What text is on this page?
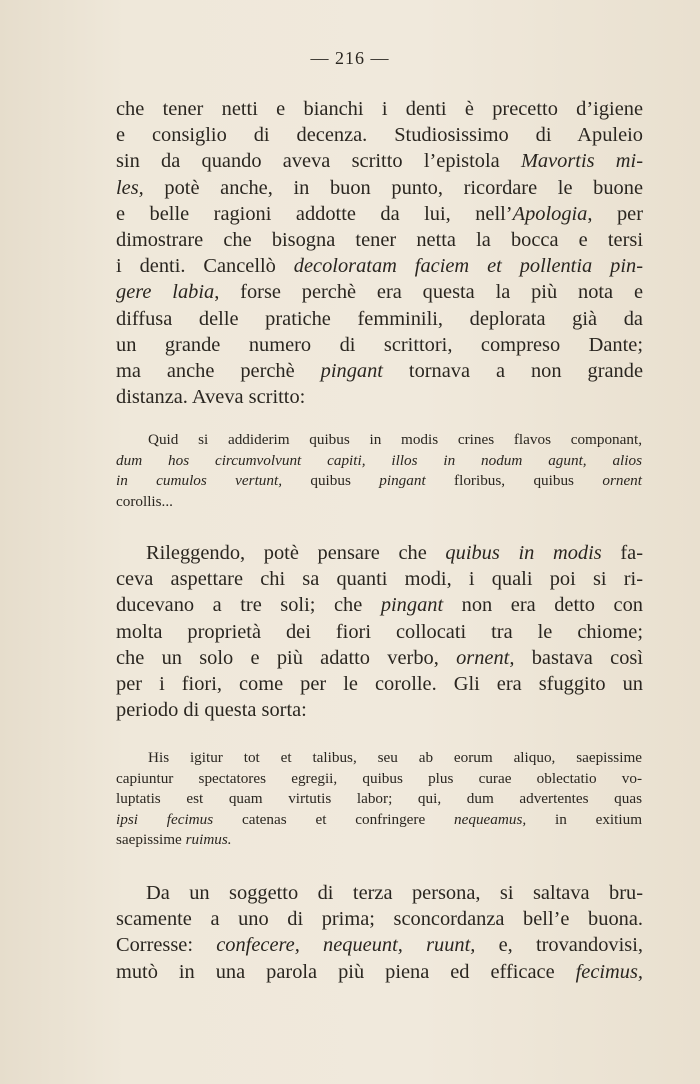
— 216 —
che tener netti e bianchi i denti è precetto d’igiene
e consiglio di decenza. Studiosissimo di Apuleio
sin da quando aveva scritto l’epistola Mavortis mi-
les, potè anche, in buon punto, ricordare le buone
e belle ragioni addotte da lui, nell’Apologia, per
dimostrare che bisogna tener netta la bocca e tersi
i denti. Cancellò decoloratam faciem et pollentia pin-
gere labia, forse perchè era questa la più nota e
diffusa delle pratiche femminili, deplorata già da
un grande numero di scrittori, compreso Dante;
ma anche perchè pingant tornava a non grande
distanza. Aveva scritto:
Quid si addiderim quibus in modis crines flavos componant,
dum hos circumvolvunt capiti, illos in nodum agunt, alios
in cumulos vertunt, quibus pingant floribus, quibus ornent
corollis...
Rileggendo, potè pensare che quibus in modis fa-
ceva aspettare chi sa quanti modi, i quali poi si ri-
ducevano a tre soli; che pingant non era detto con
molta proprietà dei fiori collocati tra le chiome;
che un solo e più adatto verbo, ornent, bastava così
per i fiori, come per le corolle. Gli era sfuggito un
periodo di questa sorta:
His igitur tot et talibus, seu ab eorum aliquo, saepissime
capiuntur spectatores egregii, quibus plus curae oblectatio vo-
luptatis est quam virtutis labor; qui, dum advertentes quas
ipsi fecimus catenas et confringere nequeamus, in exitium
saepissime ruimus.
Da un soggetto di terza persona, si saltava bru-
scamente a uno di prima; sconcordanza bell’e buona.
Corresse: confecere, nequeunt, ruunt, e, trovandovisi,
mutò in una parola più piena ed efficace fecimus,
